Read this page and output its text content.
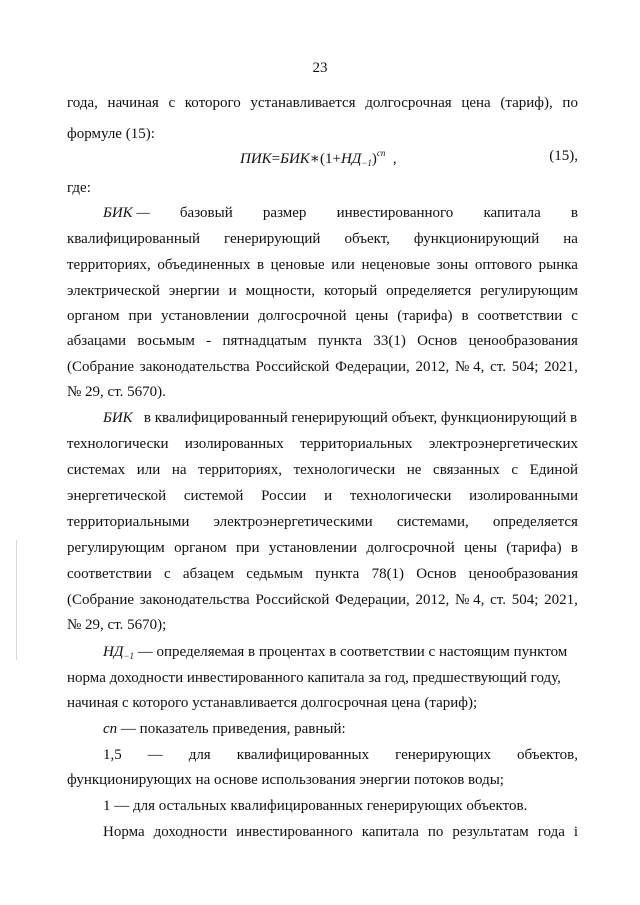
23
года, начиная с которого устанавливается долгосрочная цена (тариф), по
формуле (15):
$ПИК=БИК∗(1+НД_{-1})^{cn}$ ,	(15),
где:
БИК — базовый размер инвестированного капитала в
квалифицированный генерирующий объект, функционирующий на
территориях, объединенных в ценовые или неценовые зоны оптового рынка
электрической энергии и мощности, который определяется регулирующим
органом при установлении долгосрочной цены (тарифа) в соответствии с
абзацами восьмым - пятнадцатым пункта 33(1) Основ ценообразования
(Собрание законодательства Российской Федерации, 2012, № 4, ст. 504; 2021,
№ 29, ст. 5670).
БИК в квалифицированный генерирующий объект, функционирующий в
технологически изолированных территориальных электроэнергетических
системах или на территориях, технологически не связанных с Единой
энергетической системой России и технологически изолированными
территориальными электроэнергетическими системами, определяется
регулирующим органом при установлении долгосрочной цены (тарифа) в
соответствии с абзацем седьмым пункта 78(1) Основ ценообразования
(Собрание законодательства Российской Федерации, 2012, № 4, ст. 504; 2021,
№ 29, ст. 5670);
$НД_{-1}$ — определяемая в процентах в соответствии с настоящим пунктом
норма доходности инвестированного капитала за год, предшествующий году,
начиная с которого устанавливается долгосрочная цена (тариф);
cn — показатель приведения, равный:
1,5 — для квалифицированных генерирующих объектов,
функционирующих на основе использования энергии потоков воды;
1 — для остальных квалифицированных генерирующих объектов.
Норма доходности инвестированного капитала по результатам года i
